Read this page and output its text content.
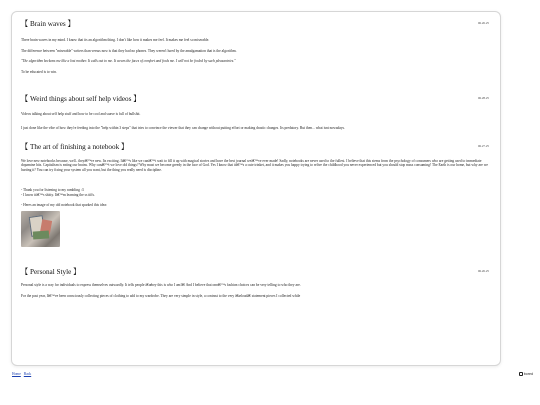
【 Brain waves 】	06.26.25

There brain waves in my mind. I know that its an algorithm thing. I don't like how it makes me feel. It makes me feel so miserable.

The difference between "miserable" writers than versus now is that they had no phones. They weren't lured by the amalgamation that is the algorithm.

"The algorithm beckons me like a lost mother. It calls out to me. It wears the faces of comfort and fools me. I will not be fooled by such pleasantries."

To be educated is to win.

【 Weird things about self help videos 】	06.28.25

Videos talking about self help stuff and how to be cool and suave is full of bullshit.

I just done like the vibe of how they're feeding into the "help within 3 steps" that tries to convince the viewer that they can change without putting effort or making drastic changes. Its predatory. But then... what isnt nowadays.

【 The art of finishing a notebook 】	06.27.25

We love new notebooks because, well.. theyâ€™re new. Its exciting. Itâ€™s like we canâ€™t wait to fill it up with magical stories and have the best journal weâ€™ve ever made! Sadly, notebooks are never used to the fullest. I believe that this stems from the psychology of consumers who are getting used to immediate dopamine hits. Capitalism is eating our brains. Why canâ€™t we love old things? Why must we become greedy in the face of God. Yes I know that itâ€™s a cute trinket, and it makes you happy trying to relive the childhood you never experienced but you should stop mass consuming! The Earth is our home, but why are we hurting it? You can try fixing your system all you want, but the thing you really need is discipline.

- Thank you for listening to my rambling :3

- I know itâ€™s shitty. Iâ€™m learning the ss tiffs.

- Heres an image of my old notebook that sparked this idea:

【 Personal Style 】	06.26.25

Personal style is a way for individuals to express themselves outwardly. It tells people â€œhey this is who I am!â€ And I believe that oneâ€™s fashion choices can be very telling to who they are.

For the past year, Iâ€™ve been consciously collecting pieces of clothing to add to my wardrobe. They are very simple in style, a contrast to the very â€œloudâ€ statement pieces I collected while

Home Back	bored
